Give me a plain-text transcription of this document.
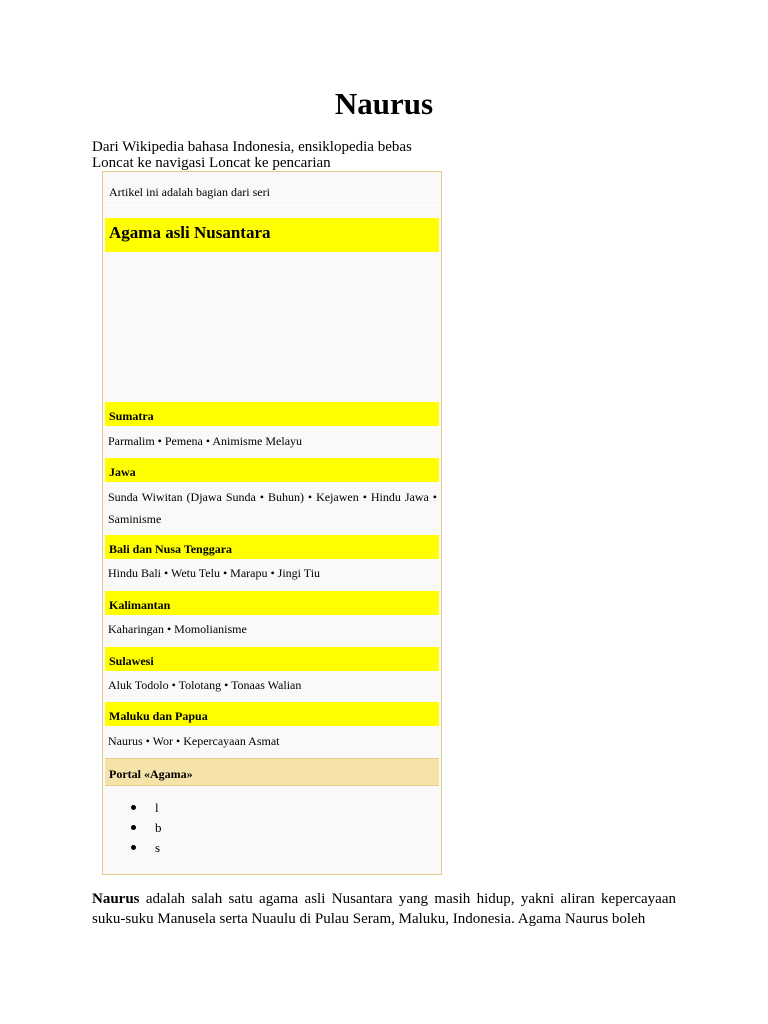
Naurus
Dari Wikipedia bahasa Indonesia, ensiklopedia bebas
Loncat ke navigasi Loncat ke pencarian
Artikel ini adalah bagian dari seri
Agama asli Nusantara
Sumatra
Parmalim • Pemena • Animisme Melayu
Jawa
Sunda Wiwitan (Djawa Sunda • Buhun) • Kejawen • Hindu Jawa • Saminisme
Bali dan Nusa Tenggara
Hindu Bali • Wetu Telu • Marapu • Jingi Tiu
Kalimantan
Kaharingan • Momolianisme
Sulawesi
Aluk Todolo • Tolotang • Tonaas Walian
Maluku dan Papua
Naurus • Wor • Kepercayaan Asmat
Portal «Agama»
l
b
s
Naurus adalah salah satu agama asli Nusantara yang masih hidup, yakni aliran kepercayaan suku-suku Manusela serta Nuaulu di Pulau Seram, Maluku, Indonesia. Agama Naurus boleh
